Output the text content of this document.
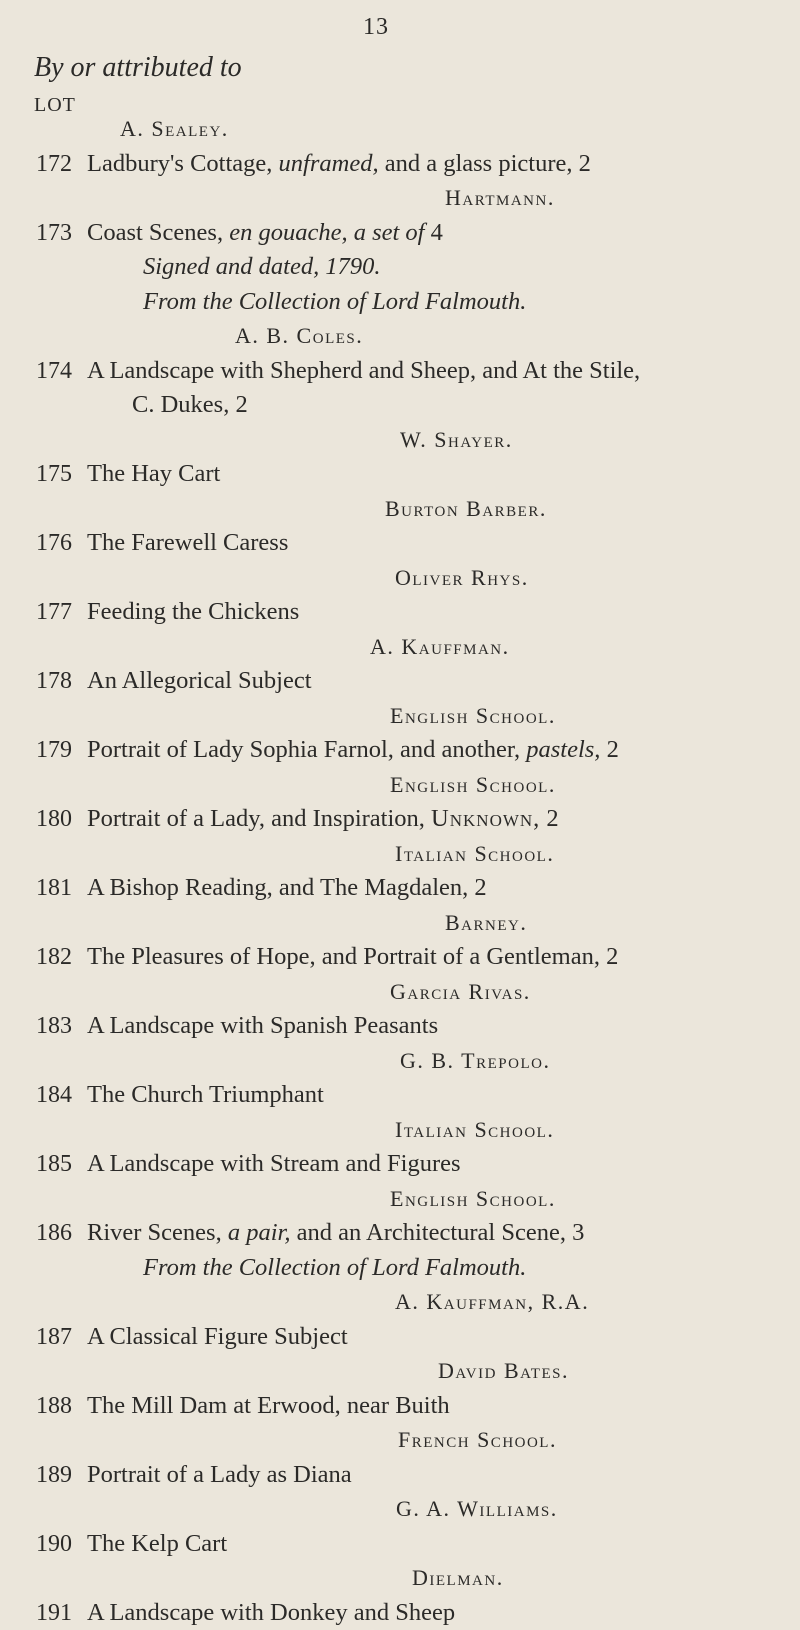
13
By or attributed to
LOT
A. Sealey.
172 Ladbury's Cottage, unframed, and a glass picture, 2
Hartmann.
173 Coast Scenes, en gouache, a set of 4
Signed and dated, 1790.
From the Collection of Lord Falmouth.
A. B. Coles.
174 A Landscape with Shepherd and Sheep, and At the Stile,
C. Dukes, 2
W. Shayer.
175 The Hay Cart
Burton Barber.
176 The Farewell Caress
Oliver Rhys.
177 Feeding the Chickens
A. Kauffman.
178 An Allegorical Subject
English School.
179 Portrait of Lady Sophia Farnol, and another, pastels, 2
English School.
180 Portrait of a Lady, and Inspiration, Unknown, 2
Italian School.
181 A Bishop Reading, and The Magdalen, 2
Barney.
182 The Pleasures of Hope, and Portrait of a Gentleman, 2
Garcia Rivas.
183 A Landscape with Spanish Peasants
G. B. Trepolo.
184 The Church Triumphant
Italian School.
185 A Landscape with Stream and Figures
English School.
186 River Scenes, a pair, and an Architectural Scene, 3
From the Collection of Lord Falmouth.
A. Kauffman, R.A.
187 A Classical Figure Subject
David Bates.
188 The Mill Dam at Erwood, near Buith
French School.
189 Portrait of a Lady as Diana
G. A. Williams.
190 The Kelp Cart
Dielman.
191 A Landscape with Donkey and Sheep
